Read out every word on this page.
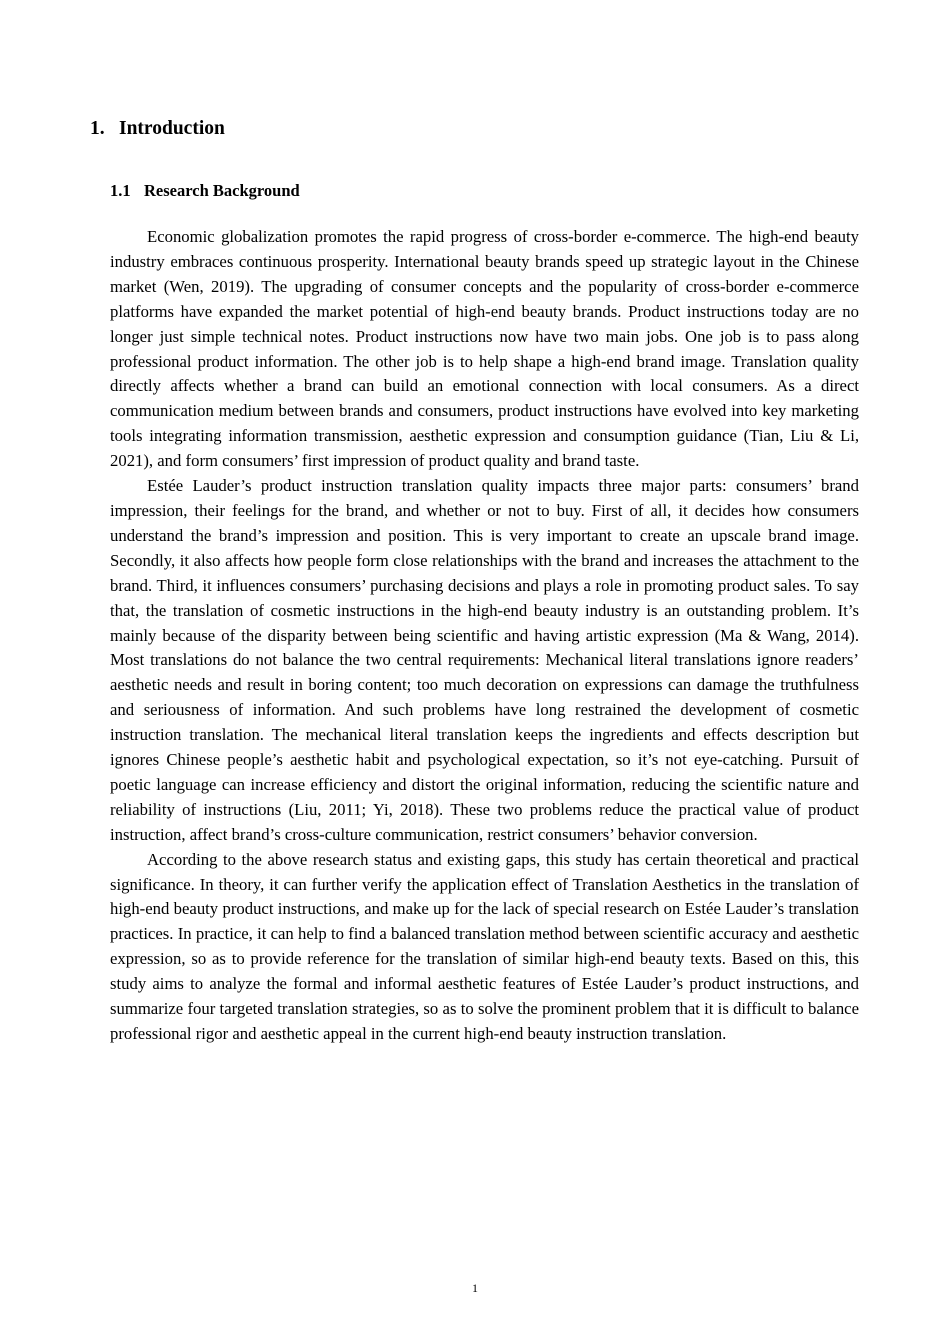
1. Introduction
1.1 Research Background

Economic globalization promotes the rapid progress of cross-border e-commerce. The high-end beauty industry embraces continuous prosperity. International beauty brands speed up strategic layout in the Chinese market (Wen, 2019). The upgrading of consumer concepts and the popularity of cross-border e-commerce platforms have expanded the market potential of high-end beauty brands. Product instructions today are no longer just simple technical notes. Product instructions now have two main jobs. One job is to pass along professional product information. The other job is to help shape a high-end brand image. Translation quality directly affects whether a brand can build an emotional connection with local consumers. As a direct communication medium between brands and consumers, product instructions have evolved into key marketing tools integrating information transmission, aesthetic expression and consumption guidance (Tian, Liu & Li, 2021), and form consumers’ first impression of product quality and brand taste.

Estée Lauder’s product instruction translation quality impacts three major parts: consumers’ brand impression, their feelings for the brand, and whether or not to buy. First of all, it decides how consumers understand the brand’s impression and position. This is very important to create an upscale brand image. Secondly, it also affects how people form close relationships with the brand and increases the attachment to the brand. Third, it influences consumers’ purchasing decisions and plays a role in promoting product sales. To say that, the translation of cosmetic instructions in the high-end beauty industry is an outstanding problem. It’s mainly because of the disparity between being scientific and having artistic expression (Ma & Wang, 2014). Most translations do not balance the two central requirements: Mechanical literal translations ignore readers’ aesthetic needs and result in boring content; too much decoration on expressions can damage the truthfulness and seriousness of information. And such problems have long restrained the development of cosmetic instruction translation. The mechanical literal translation keeps the ingredients and effects description but ignores Chinese people’s aesthetic habit and psychological expectation, so it’s not eye-catching. Pursuit of poetic language can increase efficiency and distort the original information, reducing the scientific nature and reliability of instructions (Liu, 2011; Yi, 2018). These two problems reduce the practical value of product instruction, affect brand’s cross-culture communication, restrict consumers’ behavior conversion.

According to the above research status and existing gaps, this study has certain theoretical and practical significance. In theory, it can further verify the application effect of Translation Aesthetics in the translation of high-end beauty product instructions, and make up for the lack of special research on Estée Lauder’s translation practices. In practice, it can help to find a balanced translation method between scientific accuracy and aesthetic expression, so as to provide reference for the translation of similar high-end beauty texts. Based on this, this study aims to analyze the formal and informal aesthetic features of Estée Lauder’s product instructions, and summarize four targeted translation strategies, so as to solve the prominent problem that it is difficult to balance professional rigor and aesthetic appeal in the current high-end beauty instruction translation.

1
